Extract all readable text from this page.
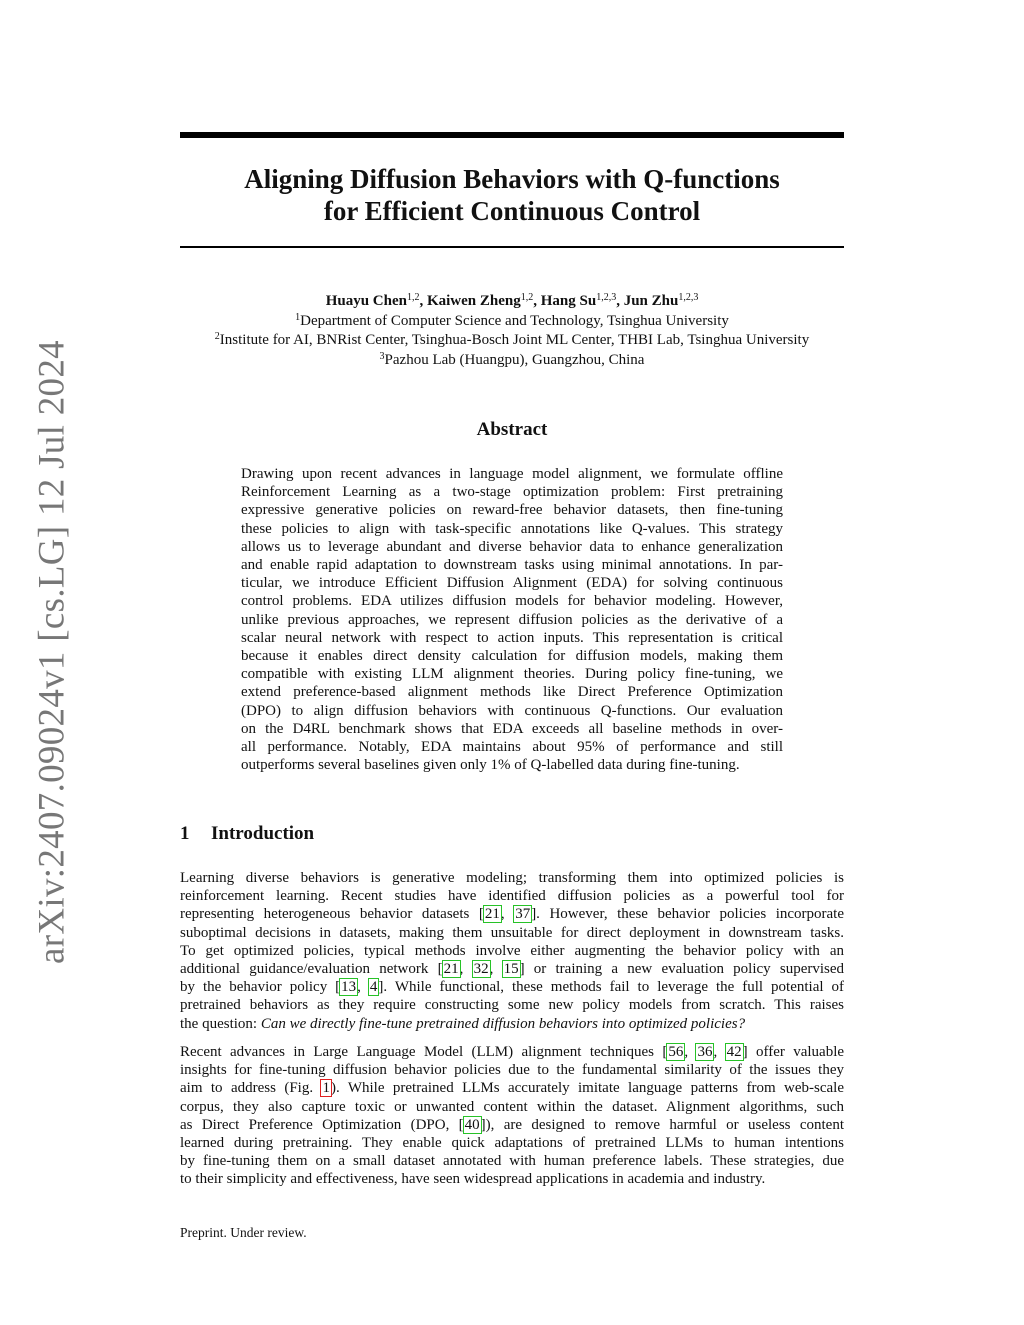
Aligning Diffusion Behaviors with Q-functions
for Efficient Continuous Control
Huayu Chen$^{1,2}$, Kaiwen Zheng$^{1,2}$, Hang Su$^{1,2,3}$, Jun Zhu$^{1,2,3}$
$^1$Department of Computer Science and Technology, Tsinghua University
$^2$Institute for AI, BNRist Center, Tsinghua-Bosch Joint ML Center, THBI Lab, Tsinghua University
$^3$Pazhou Lab (Huangpu), Guangzhou, China
arXiv:2407.09024v1 [cs.LG] 12 Jul 2024	Abstract
Drawing upon recent advances in language model alignment, we formulate offline
Reinforcement Learning as a two-stage optimization problem: First pretraining
expressive generative policies on reward-free behavior datasets, then fine-tuning
these policies to align with task-specific annotations like Q-values. This strategy
allows us to leverage abundant and diverse behavior data to enhance generalization
and enable rapid adaptation to downstream tasks using minimal annotations. In par-
ticular, we introduce Efficient Diffusion Alignment (EDA) for solving continuous
control problems. EDA utilizes diffusion models for behavior modeling. However,
unlike previous approaches, we represent diffusion policies as the derivative of a
scalar neural network with respect to action inputs. This representation is critical
because it enables direct density calculation for diffusion models, making them
compatible with existing LLM alignment theories. During policy fine-tuning, we
extend preference-based alignment methods like Direct Preference Optimization
(DPO) to align diffusion behaviors with continuous Q-functions. Our evaluation
on the D4RL benchmark shows that EDA exceeds all baseline methods in over-
all performance. Notably, EDA maintains about 95% of performance and still
outperforms several baselines given only 1% of Q-labelled data during fine-tuning.
1 Introduction
Learning diverse behaviors is generative modeling; transforming them into optimized policies is
reinforcement learning. Recent studies have identified diffusion policies as a powerful tool for
representing heterogeneous behavior datasets [21, 37]. However, these behavior policies incorporate
suboptimal decisions in datasets, making them unsuitable for direct deployment in downstream tasks.
To get optimized policies, typical methods involve either augmenting the behavior policy with an
additional guidance/evaluation network [21, 32, 15] or training a new evaluation policy supervised
by the behavior policy [13, 4]. While functional, these methods fail to leverage the full potential of
pretrained behaviors as they require constructing some new policy models from scratch. This raises
the question: Can we directly fine-tune pretrained diffusion behaviors into optimized policies?
Recent advances in Large Language Model (LLM) alignment techniques [56, 36, 42] offer valuable
insights for fine-tuning diffusion behavior policies due to the fundamental similarity of the issues they
aim to address (Fig. 1). While pretrained LLMs accurately imitate language patterns from web-scale
corpus, they also capture toxic or unwanted content within the dataset. Alignment algorithms, such
as Direct Preference Optimization (DPO, [40]), are designed to remove harmful or useless content
learned during pretraining. They enable quick adaptations of pretrained LLMs to human intentions
by fine-tuning them on a small dataset annotated with human preference labels. These strategies, due
to their simplicity and effectiveness, have seen widespread applications in academia and industry.
Preprint. Under review.
